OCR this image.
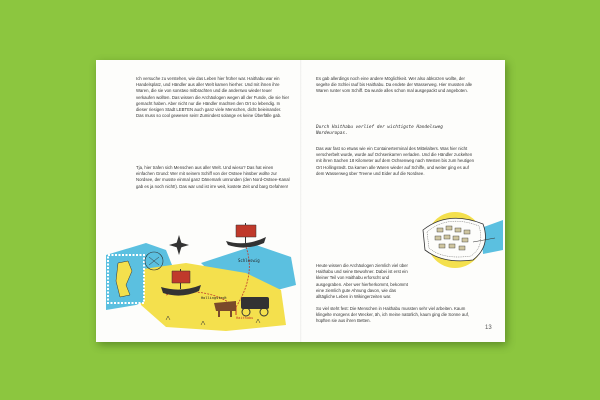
Ich versuche zu verstehen, wie das Leben hier früher war. Haithabu war ein Handelsplatz, und Händler aus aller Welt kamen hierher. Und mit ihnen ihre Waren, die sie von sonstwo mitbrachten und die anderswo wieder teuer verkaufen wollten. Das wissen die Archäologen wegen all der Funde, die sie hier gemacht haben. Aber nicht nur die Händler machten den Ort so lebendig. In dieser riesigen Stadt LEBTEN auch ganz viele Menschen, dicht beieinander. Das muss so cool gewesen sein! Zumindest solange es keine Überfälle gab.

Tja, hier trafen sich Menschen aus aller Welt. Und wieso? Das hat einen einfachen Grund: Wer mit seinem Schiff von der Ostsee hinüber wollte zur Nordsee, der musste einmal ganz Dänemark umrunden (den Nord-Ostsee-Kanal gab es ja noch nicht!). Das war und ist irre weit, kostete Zeit und barg Gefahren!

Schleswig
Hollingstedt
Haithabu

Es gab allerdings noch eine andere Möglichkeit. Wer also abkürzen wollte, der segelte die Schlei rauf bis Haithabu. Da endete der Wasserweg. Hier mussten alle Waren runter vom Schiff. Da wurde alles schon mal ausgepackt und angeboten.

Durch Haithabu verlief der wichtigste Handelsweg Nordeuropas.

Das war fast so etwas wie ein Containerterminal des Mittelalters. Was hier nicht verscherbelt wurde, wurde auf Ochsenkarren verladen. Und die Händler zuckelten mit ihren Sachen 18 Kilometer auf dem Ochsenweg nach Westen bis zum heutigen Ort Hollingstedt. Da kamen alle Waren wieder auf Schiffe, und weiter ging es auf dem Wasserweg über Treene und Eider auf die Nordsee.

Heute wissen die Archäologen ziemlich viel über Haithabu und seine Bewohner. Dabei ist erst ein kleiner Teil von Haithabu erforscht und ausgegraben. Aber wer hierherkommt, bekommt eine ziemlich gute Ahnung davon, wie das alltägliche Leben in Wikingerzeiten war.

So viel steht fest: Die Menschen in Haithabu mussten sehr viel arbeiten. Kaum klingelte morgens der Wecker, äh, ich meine natürlich, kaum ging die Sonne auf, hüpften sie aus ihren Betten.

13
